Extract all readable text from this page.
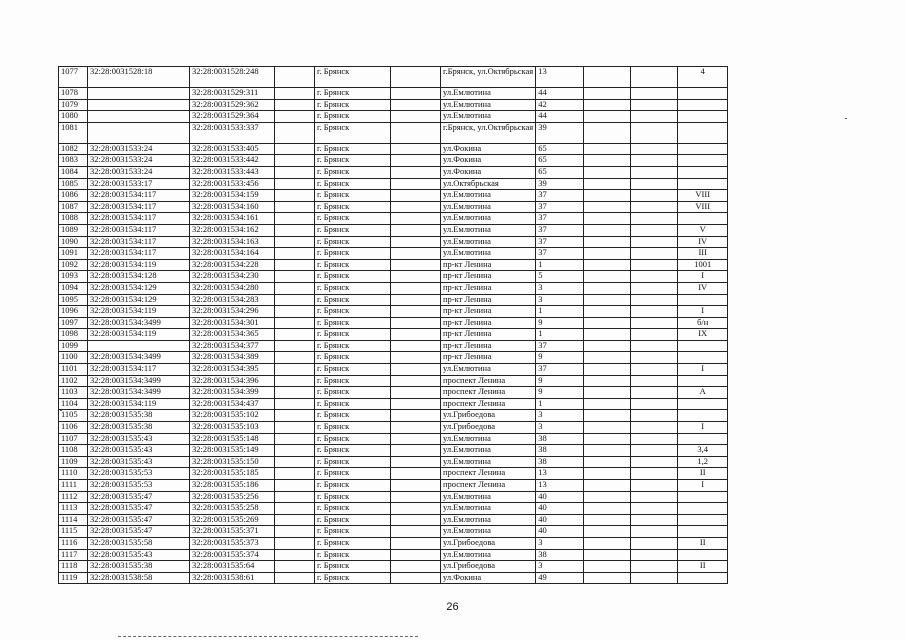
1077	32:28:0031528:18	32:28:0031528:248		г. Брянск		г.Брянск, ул.Октябрьская	13			4
1078		32:28:0031529:311		г. Брянск		ул.Емлютина	44			
1079		32:28:0031529:362		г. Брянск		ул.Емлютина	42			
1080		32:28:0031529:364		г. Брянск		ул.Емлютина	44			
1081		32:28:0031533:337		г. Брянск		г.Брянск, ул.Октябрьская	39			
1082	32:28:0031533:24	32:28:0031533:405		г. Брянск		ул.Фокина	65			
1083	32:28:0031533:24	32:28:0031533:442		г. Брянск		ул.Фокина	65			
1084	32:28:0031533:24	32:28:0031533:443		г. Брянск		ул.Фокина	65			
1085	32:28:0031533:17	32:28:0031533:456		г. Брянск		ул.Октябрьская	39			
1086	32:28:0031534:117	32:28:0031534:159		г. Брянск		ул.Емлютина	37			VIII
1087	32:28:0031534:117	32:28:0031534:160		г. Брянск		ул.Емлютина	37			VIII
1088	32:28:0031534:117	32:28:0031534:161		г. Брянск		ул.Емлютина	37			
1089	32:28:0031534:117	32:28:0031534:162		г. Брянск		ул.Емлютина	37			V
1090	32:28:0031534:117	32:28:0031534:163		г. Брянск		ул.Емлютина	37			IV
1091	32:28:0031534:117	32:28:0031534:164		г. Брянск		ул.Емлютина	37			III
1092	32:28:0031534:119	32:28:0031534:228		г. Брянск		пр-кт Ленина	1			1001
1093	32:28:0031534:128	32:28:0031534:230		г. Брянск		пр-кт Ленина	5			I
1094	32:28:0031534:129	32:28:0031534:280		г. Брянск		пр-кт Ленина	3			IV
1095	32:28:0031534:129	32:28:0031534:283		г. Брянск		пр-кт Ленина	3			
1096	32:28:0031534:119	32:28:0031534:296		г. Брянск		пр-кт Ленина	1			I
1097	32:28:0031534:3499	32:28:0031534:301		г. Брянск		пр-кт Ленина	9			б/н
1098	32:28:0031534:119	32:28:0031534:365		г. Брянск		пр-кт Ленина	1			IX
1099		32:28:0031534:377		г. Брянск		пр-кт Ленина	37			
1100	32:28:0031534:3499	32:28:0031534:389		г. Брянск		пр-кт Ленина	9			
1101	32:28:0031534:117	32:28:0031534:395		г. Брянск		ул.Емлютина	37			I
1102	32:28:0031534:3499	32:28:0031534:396		г. Брянск		проспект Ленина	9			
1103	32:28:0031534:3499	32:28:0031534:399		г. Брянск		проспект Ленина	9			А
1104	32:28:0031534:119	32:28:0031534:437		г. Брянск		проспект Ленина	1			
1105	32:28:0031535:38	32:28:0031535:102		г. Брянск		ул.Грибоедова	3			
1106	32:28:0031535:38	32:28:0031535:103		г. Брянск		ул.Грибоедова	3			I
1107	32:28:0031535:43	32:28:0031535:148		г. Брянск		ул.Емлютина	38			
1108	32:28:0031535:43	32:28:0031535:149		г. Брянск		ул.Емлютина	38			3,4
1109	32:28:0031535:43	32:28:0031535:150		г. Брянск		ул.Емлютина	38			1,2
1110	32:28:0031535:53	32:28:0031535:185		г. Брянск		проспект Ленина	13			II
1111	32:28:0031535:53	32:28:0031535:186		г. Брянск		проспект Ленина	13			I
1112	32:28:0031535:47	32:28:0031535:256		г. Брянск		ул.Емлютина	40			
1113	32:28:0031535:47	32:28:0031535:258		г. Брянск		ул.Емлютина	40			
1114	32:28:0031535:47	32:28:0031535:269		г. Брянск		ул.Емлютина	40			
1115	32:28:0031535:47	32:28:0031535:371		г. Брянск		ул.Емлютина	40			
1116	32:28:0031535:58	32:28:0031535:373		г. Брянск		ул.Грибоедова	3			II
1117	32:28:0031535:43	32:28:0031535:374		г. Брянск		ул.Емлютина	38			
1118	32:28:0031535:38	32:28:0031535:64		г. Брянск		ул.Грибоедова	3			II
1119	32:28:0031538:58	32:28:0031538:61		г. Брянск		ул.Фокина	49			
26
